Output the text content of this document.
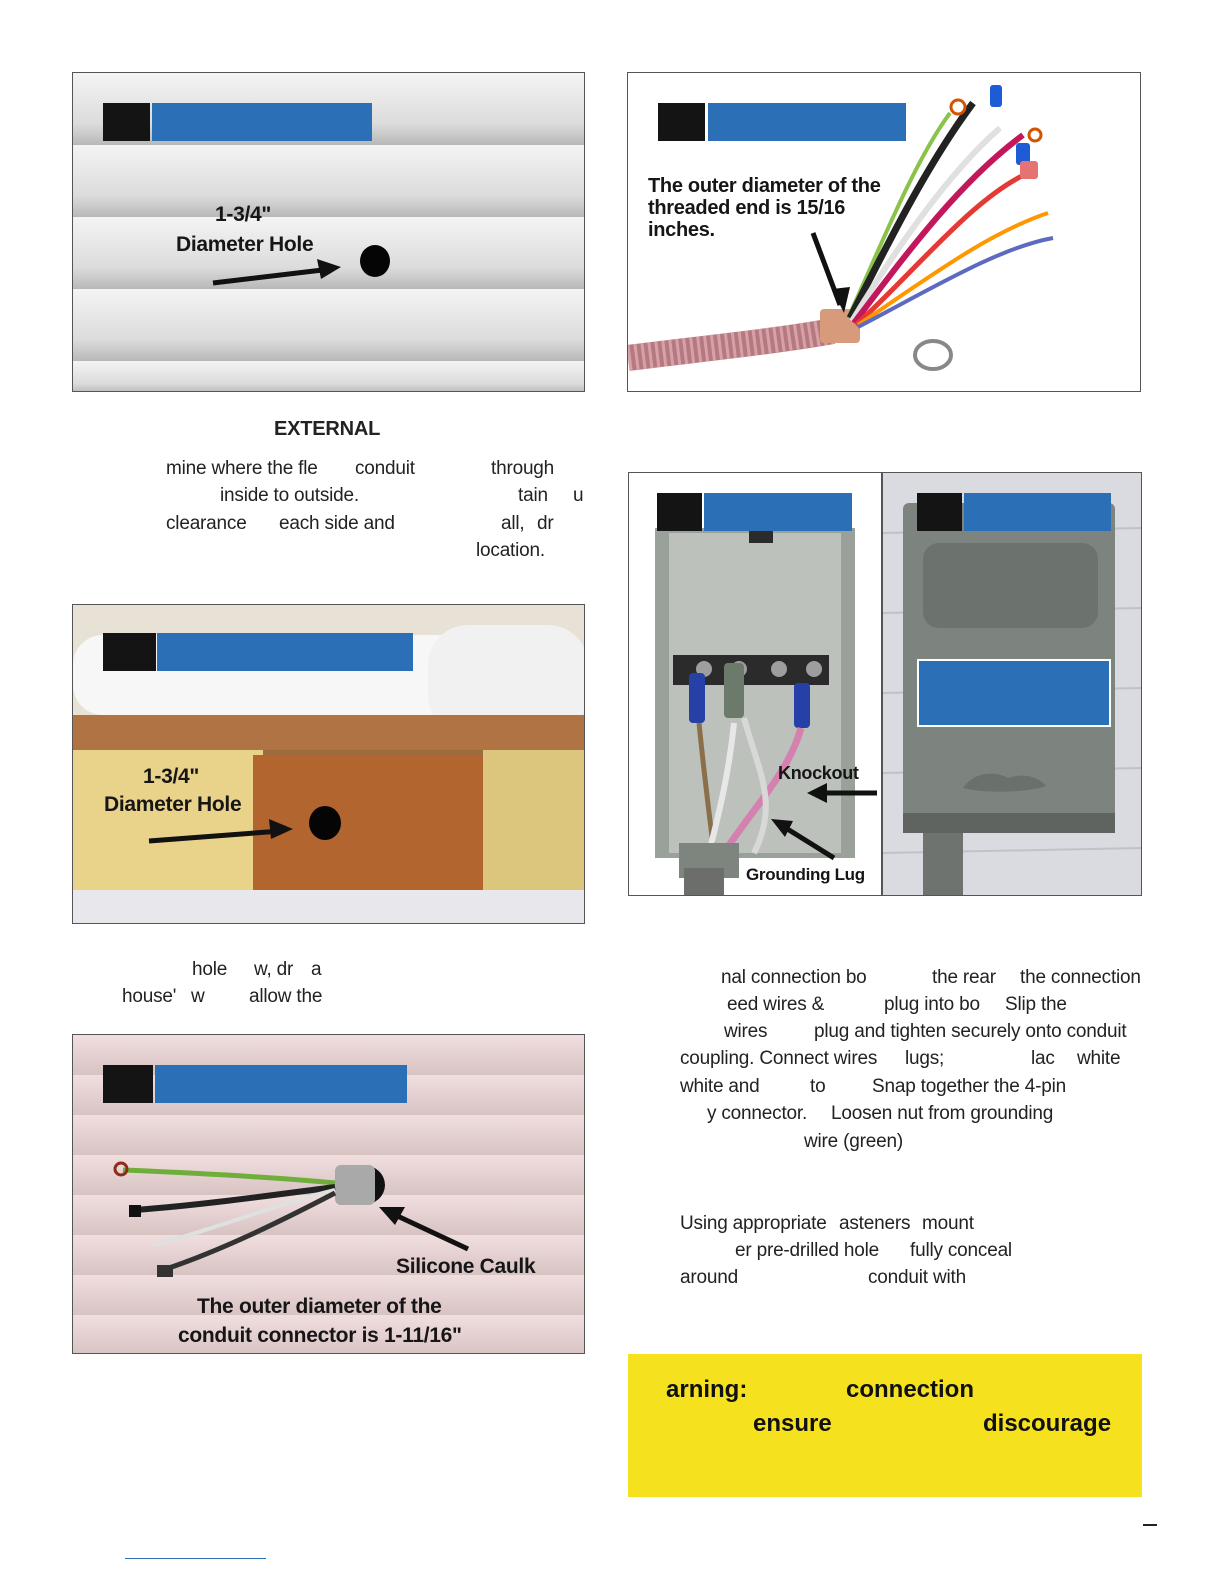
1-3/4"
Diameter Hole
The outer diameter of the
threaded end is 15/16
inches.
EXTERNAL
mine where the fle conduit	through
inside to outside.	tain u
clearance each side and	all, dr
location.
1-3/4"
Diameter Hole
Knockout
Grounding Lug
hole w, dr a
house' w allow the
Silicone Caulk
The outer diameter of the
conduit connector is 1-11/16"
nal connection bo	the rear the connection
eed wires &	plug into bo Slip the
wires plug and tighten securely onto conduit
coupling. Connect wires lugs;	lac white
white and	to Snap together the 4-pin
y connector. Loosen nut from grounding
wire (green)
Using appropriate asteners mount
er pre-drilled hole fully conceal
around	conduit with
arning:	connection
ensure	discourage
